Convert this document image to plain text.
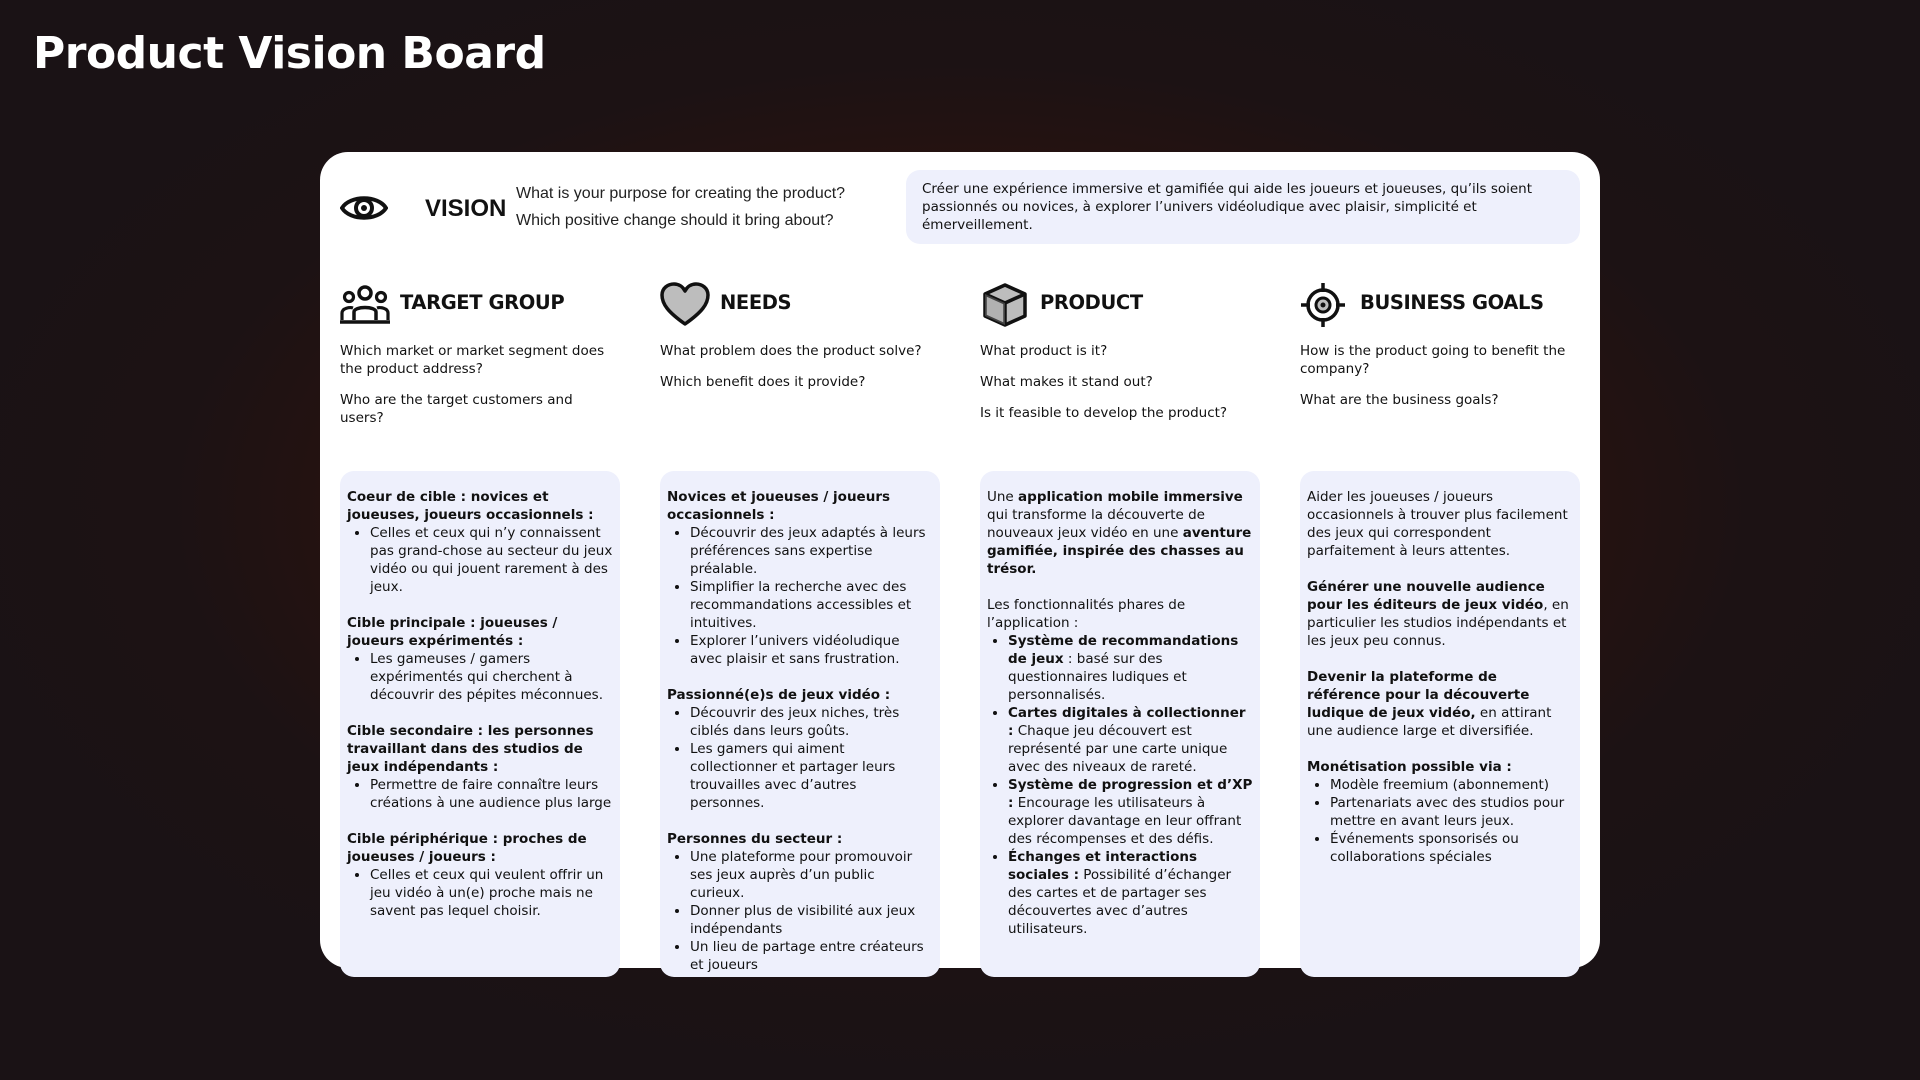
Product Vision Board
VISION
What is your purpose for creating the product?
Which positive change should it bring about?
Créer une expérience immersive et gamifiée qui aide les joueurs et joueuses, qu’ils soient passionnés ou novices, à explorer l’univers vidéoludique avec plaisir, simplicité et émerveillement.
TARGET GROUP

Which market or market segment does the product address?

Who are the target customers and users?

Coeur de cible : novices et joueuses, joueurs occasionnels :

• Celles et ceux qui n’y connaissent pas grand-chose au secteur du jeux vidéo ou qui jouent rarement à des jeux.

Cible principale : joueuses / joueurs expérimentés :

• Les gameuses / gamers expérimentés qui cherchent à découvrir des pépites méconnues.

Cible secondaire : les personnes travaillant dans des studios de jeux indépendants :

• Permettre de faire connaître leurs créations à une audience plus large

Cible périphérique : proches de joueuses / joueurs :

• Celles et ceux qui veulent offrir un jeu vidéo à un(e) proche mais ne savent pas lequel choisir.
NEEDS

What problem does the product solve?

Which benefit does it provide?

Novices et joueuses / joueurs occasionnels :

• Découvrir des jeux adaptés à leurs préférences sans expertise préalable.
• Simplifier la recherche avec des recommandations accessibles et intuitives.
• Explorer l’univers vidéoludique avec plaisir et sans frustration.

Passionné(e)s de jeux vidéo :

• Découvrir des jeux niches, très ciblés dans leurs goûts.
• Les gamers qui aiment collectionner et partager leurs trouvailles avec d’autres personnes.

Personnes du secteur :

• Une plateforme pour promouvoir ses jeux auprès d’un public curieux.
• Donner plus de visibilité aux jeux indépendants
• Un lieu de partage entre créateurs et joueurs
PRODUCT

What product is it?

What makes it stand out?

Is it feasible to develop the product?

Une application mobile immersive qui transforme la découverte de nouveaux jeux vidéo en une aventure gamifiée, inspirée des chasses au trésor.

Les fonctionnalités phares de l’application :

• Système de recommandations de jeux : basé sur des questionnaires ludiques et personnalisés.
• Cartes digitales à collectionner : Chaque jeu découvert est représenté par une carte unique avec des niveaux de rareté.
• Système de progression et d’XP : Encourage les utilisateurs à explorer davantage en leur offrant des récompenses et des défis.
• Échanges et interactions sociales : Possibilité d’échanger des cartes et de partager ses découvertes avec d’autres utilisateurs.
BUSINESS GOALS

How is the product going to benefit the company?

What are the business goals?

Aider les joueuses / joueurs occasionnels à trouver plus facilement des jeux qui correspondent parfaitement à leurs attentes.

Générer une nouvelle audience pour les éditeurs de jeux vidéo, en particulier les studios indépendants et les jeux peu connus.

Devenir la plateforme de référence pour la découverte ludique de jeux vidéo, en attirant une audience large et diversifiée.

Monétisation possible via :

• Modèle freemium (abonnement)
• Partenariats avec des studios pour mettre en avant leurs jeux.
• Événements sponsorisés ou collaborations spéciales
